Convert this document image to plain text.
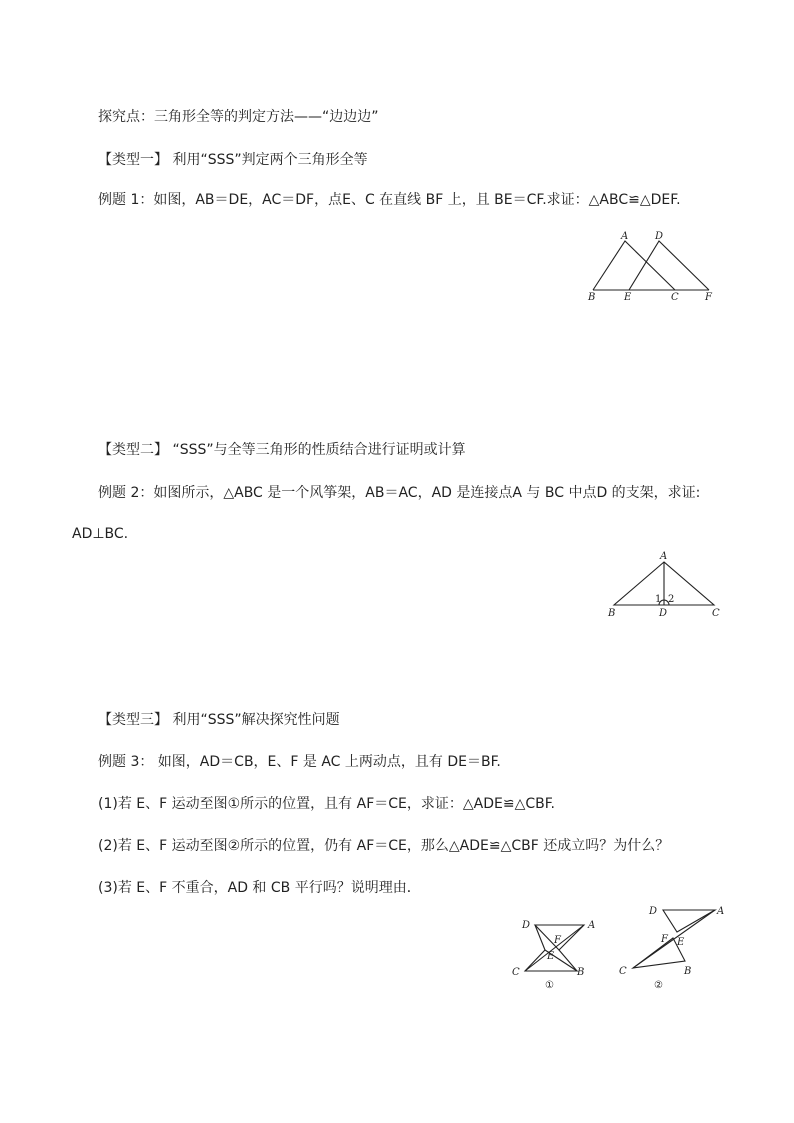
探究点：三角形全等的判定方法——“边边边”
【类型一】 利用“SSS”判定两个三角形全等
例题 1：如图，AB＝DE，AC＝DF，点E、C 在直线 BF 上，且 BE＝CF.求证：△ABC≌△DEF.
A	D
B	E	C	F
【类型二】 “SSS”与全等三角形的性质结合进行证明或计算
例题 2：如图所示，△ABC 是一个风筝架，AB＝AC，AD 是连接点A 与 BC 中点D 的支架，求证:
AD⊥BC.
A
B	D	C
1 2
【类型三】 利用“SSS”解决探究性问题
例题 3： 如图，AD＝CB，E、F 是 AC 上两动点，且有 DE＝BF.
(1)若 E、F 运动至图①所示的位置，且有 AF＝CE，求证：△ADE≌△CBF.
(2)若 E、F 运动至图②所示的位置，仍有 AF＝CE，那么△ADE≌△CBF 还成立吗？为什么？
(3)若 E、F 不重合，AD 和 CB 平行吗？说明理由．
D	A
F
E
C	B
①
D	A
F E
C	B
②
